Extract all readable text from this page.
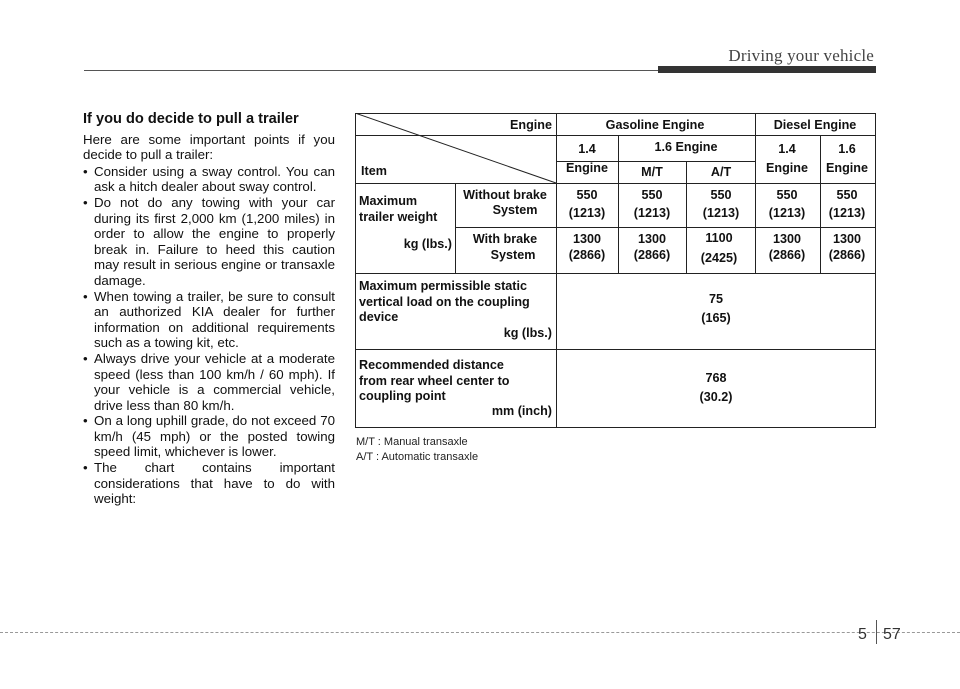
Driving your vehicle
If you do decide to pull a trailer

Here are some important points if you decide to pull a trailer:

• Consider using a sway control. You can ask a hitch dealer about sway control.
• Do not do any towing with your car during its first 2,000 km (1,200 miles) in order to allow the engine to properly break in. Failure to heed this caution may result in serious engine or transaxle damage.
• When towing a trailer, be sure to consult an authorized KIA dealer for further information on additional requirements such as a towing kit, etc.
• Always drive your vehicle at a moderate speed (less than 100 km/h / 60 mph). If your vehicle is a commercial vehicle, drive less than 80 km/h.
• On a long uphill grade, do not exceed 70 km/h (45 mph) or the posted towing speed limit, whichever is lower.
• The chart contains important considerations that have to do with weight:
Engine
Item
Gasoline Engine	Diesel Engine
1.4
Engine
1.6 Engine
M/T	A/T
1.4
Engine
1.6
Engine
Maximum
trailer weight
kg (lbs.)
Without brake
System
With brake
System
550
(1213)
550
(1213)
550
(1213)
550
(1213)
550
(1213)
1300
(2866)
1300
(2866)
1100
(2425)
1300
(2866)
1300
(2866)
Maximum permissible static
vertical load on the coupling
device
kg (lbs.)
75
(165)
Recommended distance
from rear wheel center to
coupling point
mm (inch)
768
(30.2)
M/T : Manual transaxle
A/T : Automatic transaxle
5 57
